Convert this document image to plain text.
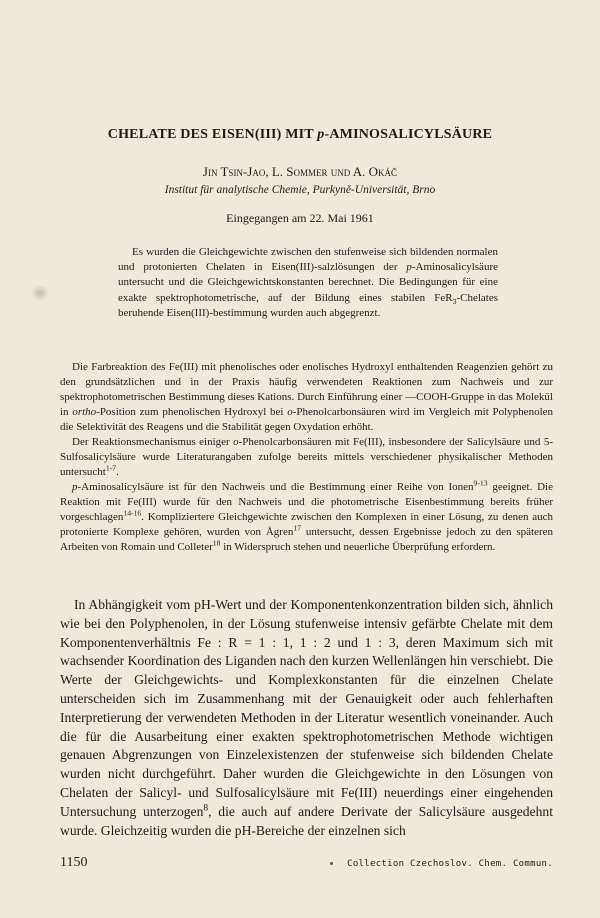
CHELATE DES EISEN(III) MIT p-AMINOSALICYLSÄURE
Jin Tsin-Jao, L. Sommer und A. Okáč
Institut für analytische Chemie, Purkyně-Universität, Brno
Eingegangen am 22. Mai 1961

Es wurden die Gleichgewichte zwischen den stufenweise sich bildenden normalen und protonierten Chelaten in Eisen(III)-salzlösungen der p-Aminosalicylsäure untersucht und die Gleichgewichtskonstanten berechnet. Die Bedingungen für eine exakte spektrophotometrische, auf der Bildung eines stabilen FeR$_3$-Chelates beruhende Eisen(III)-bestimmung wurden auch abgegrenzt.

Die Farbreaktion des Fe(III) mit phenolisches oder enolisches Hydroxyl enthaltenden Reagenzien gehört zu den grundsätzlichen und in der Praxis häufig verwendeten Reaktionen zum Nachweis und zur spektrophotometrischen Bestimmung dieses Kations. Durch Einführung einer —COOH-Gruppe in das Molekül in ortho-Position zum phenolischen Hydroxyl bei o-Phenolcarbonsäuren wird im Vergleich mit Polyphenolen die Selektivität des Reagens und die Stabilität gegen Oxydation erhöht.

Der Reaktionsmechanismus einiger o-Phenolcarbonsäuren mit Fe(III), insbesondere der Salicylsäure und 5-Sulfosalicylsäure wurde Literaturangaben zufolge bereits mittels verschiedener physikalischer Methoden untersucht$^{1-7}$.

p-Aminosalicylsäure ist für den Nachweis und die Bestimmung einer Reihe von Ionen$^{9-13}$ geeignet. Die Reaktion mit Fe(III) wurde für den Nachweis und die photometrische Eisenbestimmung bereits früher vorgeschlagen$^{14-16}$. Kompliziertere Gleichgewichte zwischen den Komplexen in einer Lösung, zu denen auch protonierte Komplexe gehören, wurden von Ågren$^{17}$ untersucht, dessen Ergebnisse jedoch zu den späteren Arbeiten von Romain und Colleter$^{18}$ in Widerspruch stehen und neuerliche Überprüfung erfordern.

In Abhängigkeit vom pH-Wert und der Komponentenkonzentration bilden sich, ähnlich wie bei den Polyphenolen, in der Lösung stufenweise intensiv gefärbte Chelate mit dem Komponentenverhältnis Fe : R = 1 : 1, 1 : 2 und 1 : 3, deren Maximum sich mit wachsender Koordination des Liganden nach den kurzen Wellenlängen hin verschiebt. Die Werte der Gleichgewichts- und Komplexkonstanten für die einzelnen Chelate unterscheiden sich im Zusammenhang mit der Genauigkeit oder auch fehlerhaften Interpretierung der verwendeten Methoden in der Literatur wesentlich voneinander. Auch die für die Ausarbeitung einer exakten spektrophotometrischen Methode wichtigen genauen Abgrenzungen von Einzelexistenzen der stufenweise sich bildenden Chelate wurden nicht durchgeführt. Daher wurden die Gleichgewichte in den Lösungen von Chelaten der Salicyl- und Sulfosalicylsäure mit Fe(III) neuerdings einer eingehenden Untersuchung unterzogen$^8$, die auch auf andere Derivate der Salicylsäure ausgedehnt wurde. Gleichzeitig wurden die pH-Bereiche der einzelnen sich

1150	Collection Czechoslov. Chem. Commun.
